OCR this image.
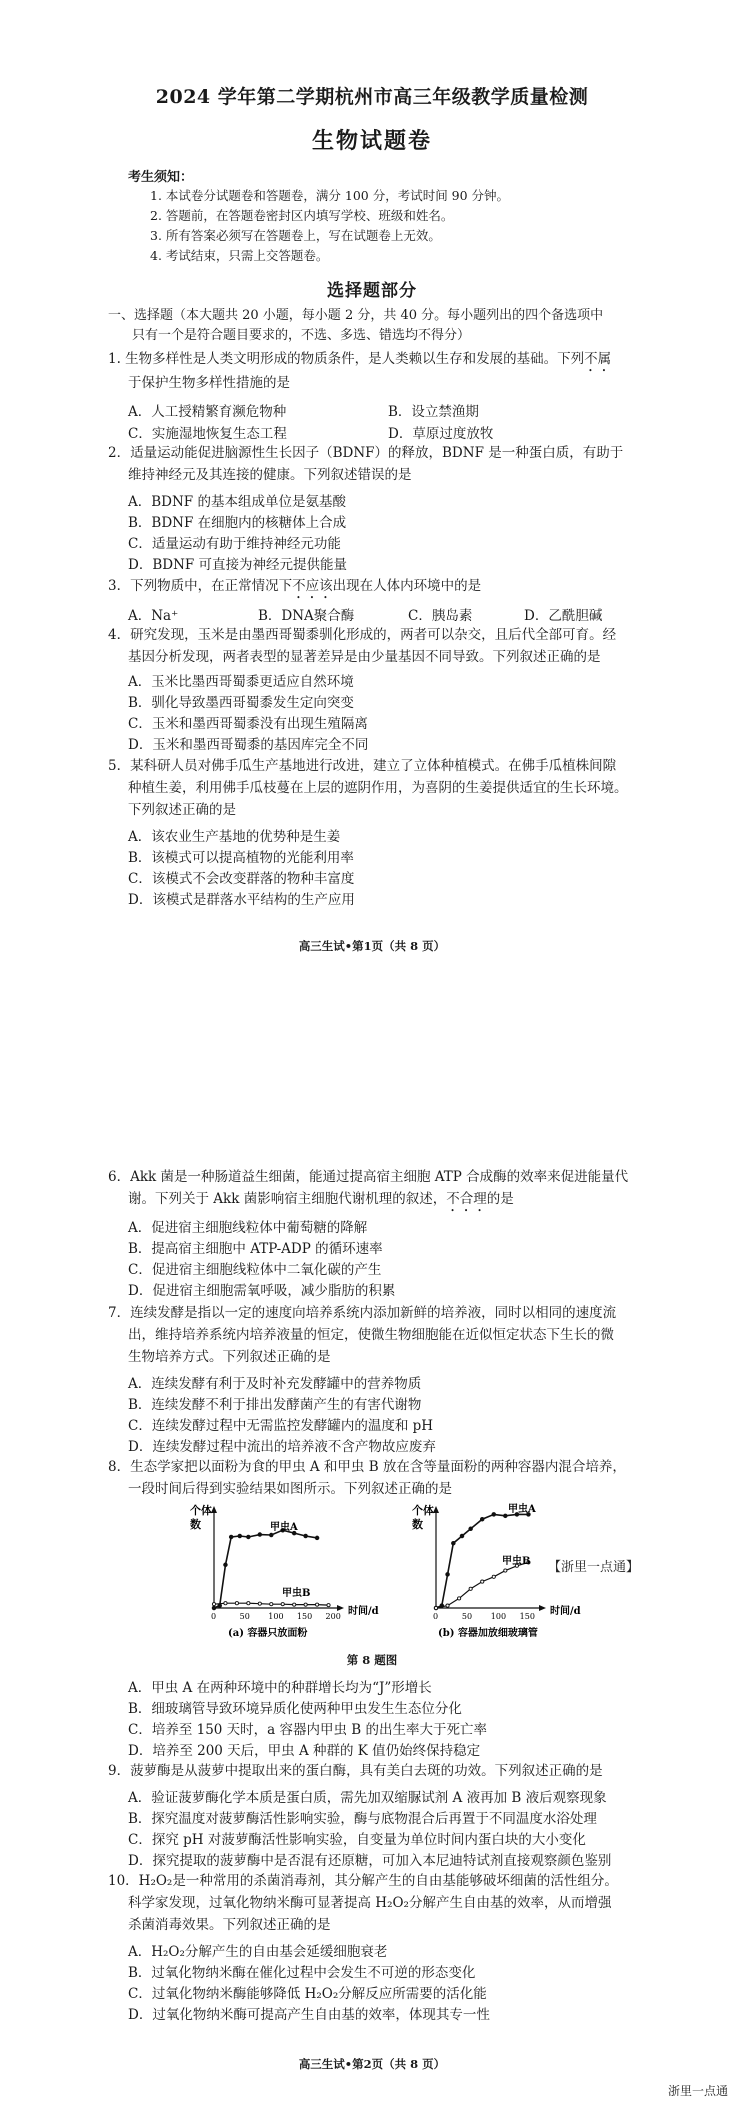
2024 学年第二学期杭州市高三年级教学质量检测
生物试题卷
考生须知：
1. 本试卷分试题卷和答题卷，满分 100 分，考试时间 90 分钟。
2. 答题前，在答题卷密封区内填写学校、班级和姓名。
3. 所有答案必须写在答题卷上，写在试题卷上无效。
4. 考试结束，只需上交答题卷。
选择题部分
一、选择题（本大题共 20 小题，每小题 2 分，共 40 分。每小题列出的四个备选项中
只有一个是符合题目要求的，不选、多选、错选均不得分）
1. 生物多样性是人类文明形成的物质条件，是人类赖以生存和发展的基础。下列不属
于保护生物多样性措施的是
A．人工授精繁育濒危物种	B．设立禁渔期
C．实施湿地恢复生态工程	D．草原过度放牧
2．适量运动能促进脑源性生长因子（BDNF）的释放，BDNF 是一种蛋白质，有助于
维持神经元及其连接的健康。下列叙述错误的是
A．BDNF 的基本组成单位是氨基酸
B．BDNF 在细胞内的核糖体上合成
C．适量运动有助于维持神经元功能
D．BDNF 可直接为神经元提供能量
3．下列物质中，在正常情况下不应该出现在人体内环境中的是
A．Na⁺	B．DNA聚合酶	C．胰岛素	D．乙酰胆碱
4．研究发现，玉米是由墨西哥蜀黍驯化形成的，两者可以杂交，且后代全部可育。经
基因分析发现，两者表型的显著差异是由少量基因不同导致。下列叙述正确的是
A．玉米比墨西哥蜀黍更适应自然环境
B．驯化导致墨西哥蜀黍发生定向突变
C．玉米和墨西哥蜀黍没有出现生殖隔离
D．玉米和墨西哥蜀黍的基因库完全不同
5．某科研人员对佛手瓜生产基地进行改进，建立了立体种植模式。在佛手瓜植株间隙
种植生姜，利用佛手瓜枝蔓在上层的遮阴作用，为喜阴的生姜提供适宜的生长环境。
下列叙述正确的是
A．该农业生产基地的优势种是生姜
B．该模式可以提高植物的光能利用率
C．该模式不会改变群落的物种丰富度
D．该模式是群落水平结构的生产应用
高三生试•第1页（共 8 页）
6．Akk 菌是一种肠道益生细菌，能通过提高宿主细胞 ATP 合成酶的效率来促进能量代
谢。下列关于 Akk 菌影响宿主细胞代谢机理的叙述，不合理的是
A．促进宿主细胞线粒体中葡萄糖的降解
B．提高宿主细胞中 ATP-ADP 的循环速率
C．促进宿主细胞线粒体中二氧化碳的产生
D．促进宿主细胞需氧呼吸，减少脂肪的积累
7．连续发酵是指以一定的速度向培养系统内添加新鲜的培养液，同时以相同的速度流
出，维持培养系统内培养液量的恒定，使微生物细胞能在近似恒定状态下生长的微
生物培养方式。下列叙述正确的是
A．连续发酵有利于及时补充发酵罐中的营养物质
B．连续发酵不利于排出发酵菌产生的有害代谢物
C．连续发酵过程中无需监控发酵罐内的温度和 pH
D．连续发酵过程中流出的培养液不含产物故应废弃
8．生态学家把以面粉为食的甲虫 A 和甲虫 B 放在含等量面粉的两种容器内混合培养，
一段时间后得到实验结果如图所示。下列叙述正确的是
个体
数
0	50 100 150 200
甲虫A
甲虫B
时间/d
(a) 容器只放面粉
个体
数
0	50 100 150
甲虫A
甲虫B
时间/d
(b) 容器加放细玻璃管
【浙里一点通】
第 8 题图
A．甲虫 A 在两种环境中的种群增长均为“J”形增长
B．细玻璃管导致环境异质化使两种甲虫发生生态位分化
C．培养至 150 天时，a 容器内甲虫 B 的出生率大于死亡率
D．培养至 200 天后，甲虫 A 种群的 K 值仍始终保持稳定
9．菠萝酶是从菠萝中提取出来的蛋白酶，具有美白去斑的功效。下列叙述正确的是
A．验证菠萝酶化学本质是蛋白质，需先加双缩脲试剂 A 液再加 B 液后观察现象
B．探究温度对菠萝酶活性影响实验，酶与底物混合后再置于不同温度水浴处理
C．探究 pH 对菠萝酶活性影响实验，自变量为单位时间内蛋白块的大小变化
D．探究提取的菠萝酶中是否混有还原糖，可加入本尼迪特试剂直接观察颜色鉴别
10．H₂O₂是一种常用的杀菌消毒剂，其分解产生的自由基能够破坏细菌的活性组分。
科学家发现，过氧化物纳米酶可显著提高 H₂O₂分解产生自由基的效率，从而增强
杀菌消毒效果。下列叙述正确的是
A．H₂O₂分解产生的自由基会延缓细胞衰老
B．过氧化物纳米酶在催化过程中会发生不可逆的形态变化
C．过氧化物纳米酶能够降低 H₂O₂分解反应所需要的活化能
D．过氧化物纳米酶可提高产生自由基的效率，体现其专一性
高三生试•第2页（共 8 页）
浙里一点通
